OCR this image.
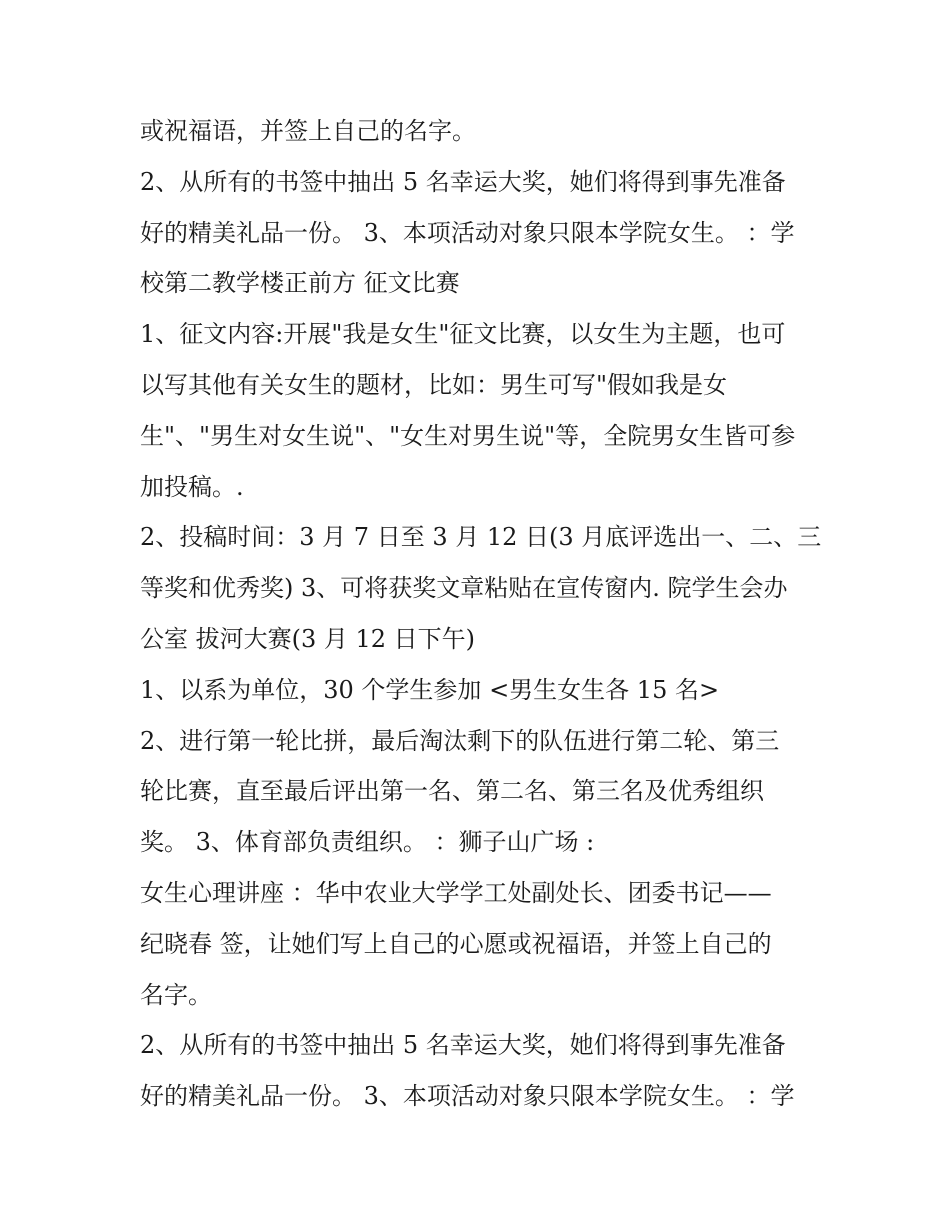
或祝福语，并签上自己的名字。
2、从所有的书签中抽出 5 名幸运大奖，她们将得到事先准备
好的精美礼品一份。 3、本项活动对象只限本学院女生。 ：学
校第二教学楼正前方 征文比赛
1、征文内容:开展"我是女生"征文比赛，以女生为主题，也可
以写其他有关女生的题材，比如：男生可写"假如我是女
生"、"男生对女生说"、"女生对男生说"等，全院男女生皆可参
加投稿。.
2、投稿时间：3 月 7 日至 3 月 12 日(3 月底评选出一、二、三
等奖和优秀奖) 3、可将获奖文章粘贴在宣传窗内. 院学生会办
公室 拔河大赛(3 月 12 日下午)
1、以系为单位，30 个学生参加 <男生女生各 15 名>
2、进行第一轮比拼，最后淘汰剩下的队伍进行第二轮、第三
轮比赛，直至最后评出第一名、第二名、第三名及优秀组织
奖。 3、体育部负责组织。 ：狮子山广场 :
女生心理讲座 ：华中农业大学学工处副处长、团委书记——
纪晓春 签，让她们写上自己的心愿或祝福语，并签上自己的
名字。
2、从所有的书签中抽出 5 名幸运大奖，她们将得到事先准备
好的精美礼品一份。 3、本项活动对象只限本学院女生。 ：学
